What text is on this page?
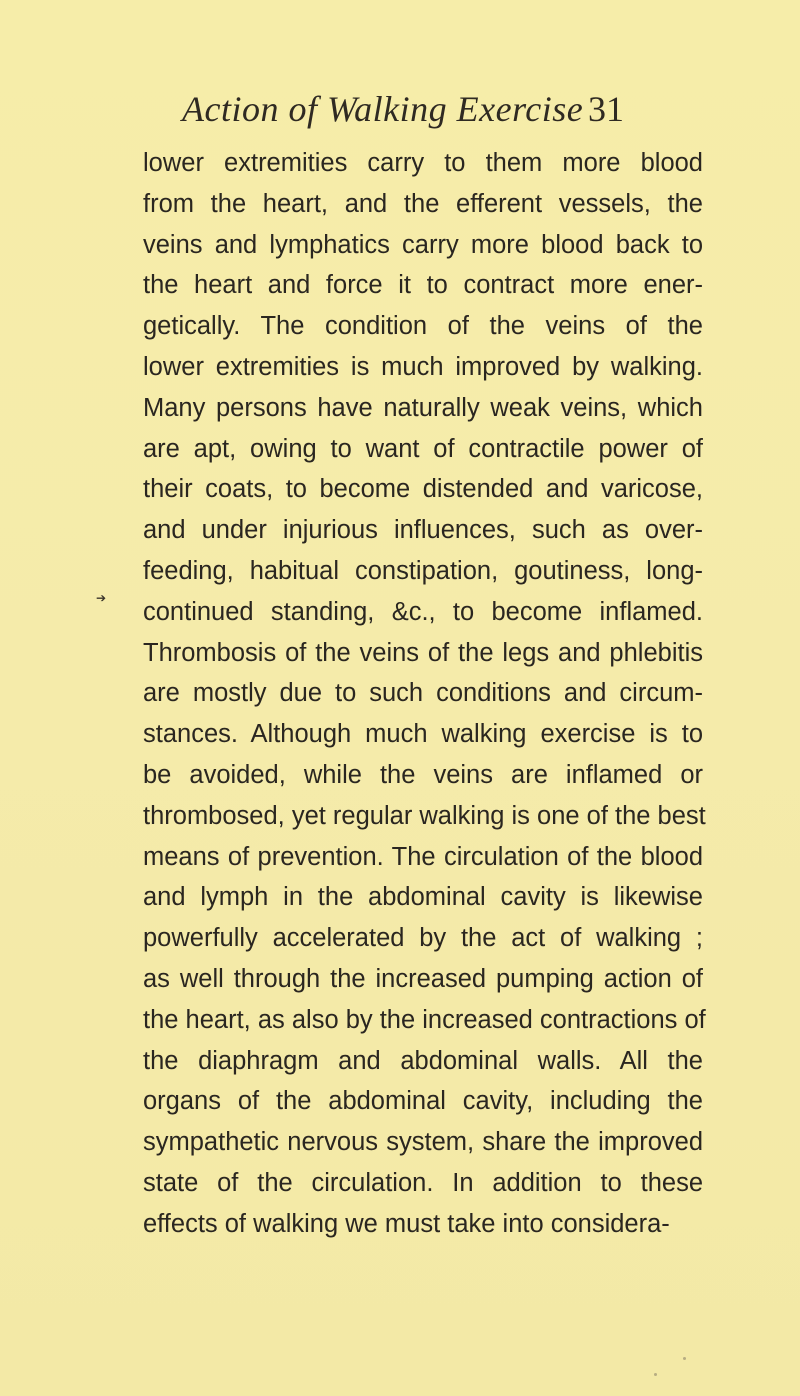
Action of Walking Exercise 31
➔
lower extremities carry to them more blood
from the heart, and the efferent vessels, the
veins and lymphatics carry more blood back to
the heart and force it to contract more ener-
getically. The condition of the veins of the
lower extremities is much improved by walking.
Many persons have naturally weak veins, which
are apt, owing to want of contractile power of
their coats, to become distended and varicose,
and under injurious influences, such as over-
feeding, habitual constipation, goutiness, long-
continued standing, &c., to become inflamed.
Thrombosis of the veins of the legs and phlebitis
are mostly due to such conditions and circum-
stances. Although much walking exercise is to
be avoided, while the veins are inflamed or
thrombosed, yet regular walking is one of the best
means of prevention. The circulation of the blood
and lymph in the abdominal cavity is likewise
powerfully accelerated by the act of walking ;
as well through the increased pumping action of
the heart, as also by the increased contractions of
the diaphragm and abdominal walls. All the
organs of the abdominal cavity, including the
sympathetic nervous system, share the improved
state of the circulation. In addition to these
effects of walking we must take into considera-
